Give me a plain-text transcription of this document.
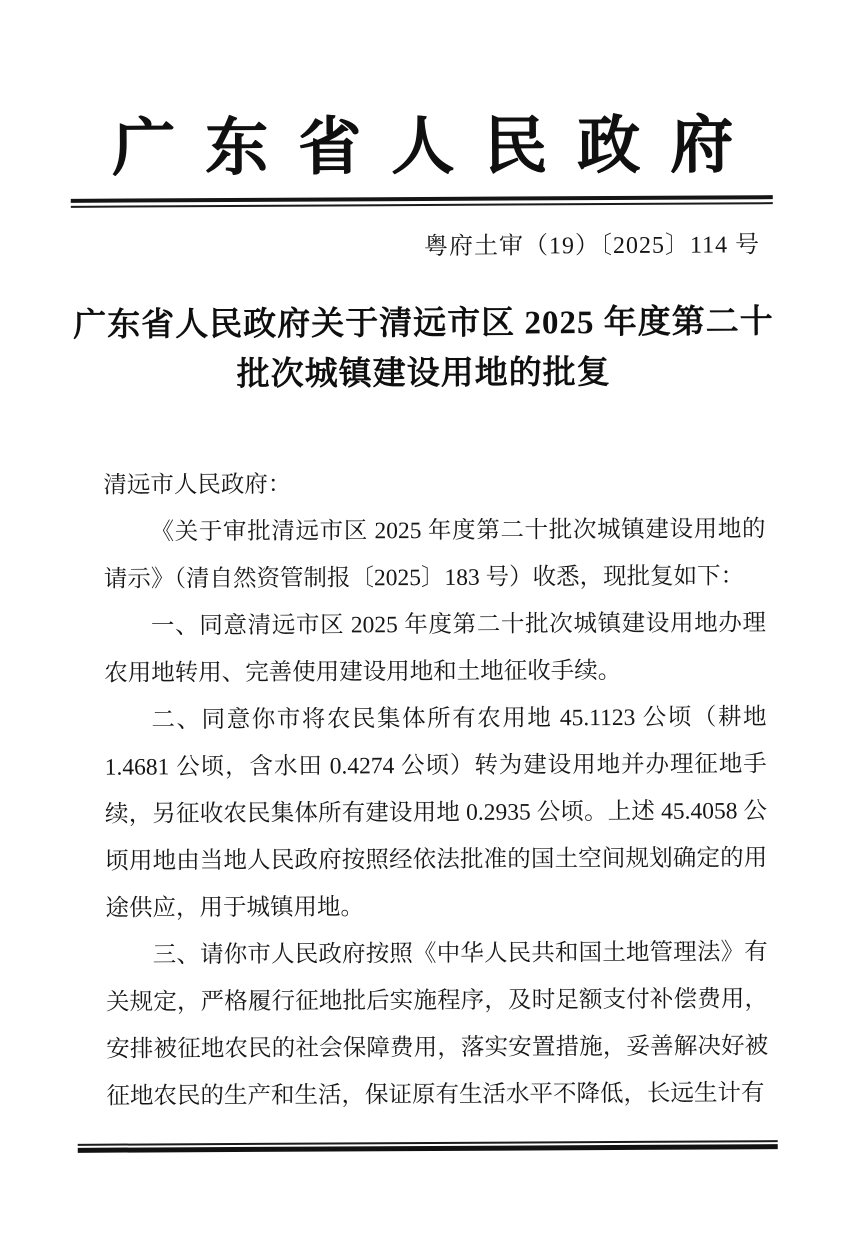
广东省人民政府
粤府土审（19）〔2025〕114 号
广东省人民政府关于清远市区 2025 年度第二十
批次城镇建设用地的批复

清远市人民政府：

《关于审批清远市区 2025 年度第二十批次城镇建设用地的请示》（清自然资管制报〔2025〕183 号）收悉，现批复如下：

一、同意清远市区 2025 年度第二十批次城镇建设用地办理农用地转用、完善使用建设用地和土地征收手续。

二、同意你市将农民集体所有农用地 45.1123 公顷（耕地 1.4681 公顷，含水田 0.4274 公顷）转为建设用地并办理征地手续，另征收农民集体所有建设用地 0.2935 公顷。上述 45.4058 公顷用地由当地人民政府按照经依法批准的国土空间规划确定的用途供应，用于城镇用地。

三、请你市人民政府按照《中华人民共和国土地管理法》有关规定，严格履行征地批后实施程序，及时足额支付补偿费用，安排被征地农民的社会保障费用，落实安置措施，妥善解决好被征地农民的生产和生活，保证原有生活水平不降低，长远生计有
